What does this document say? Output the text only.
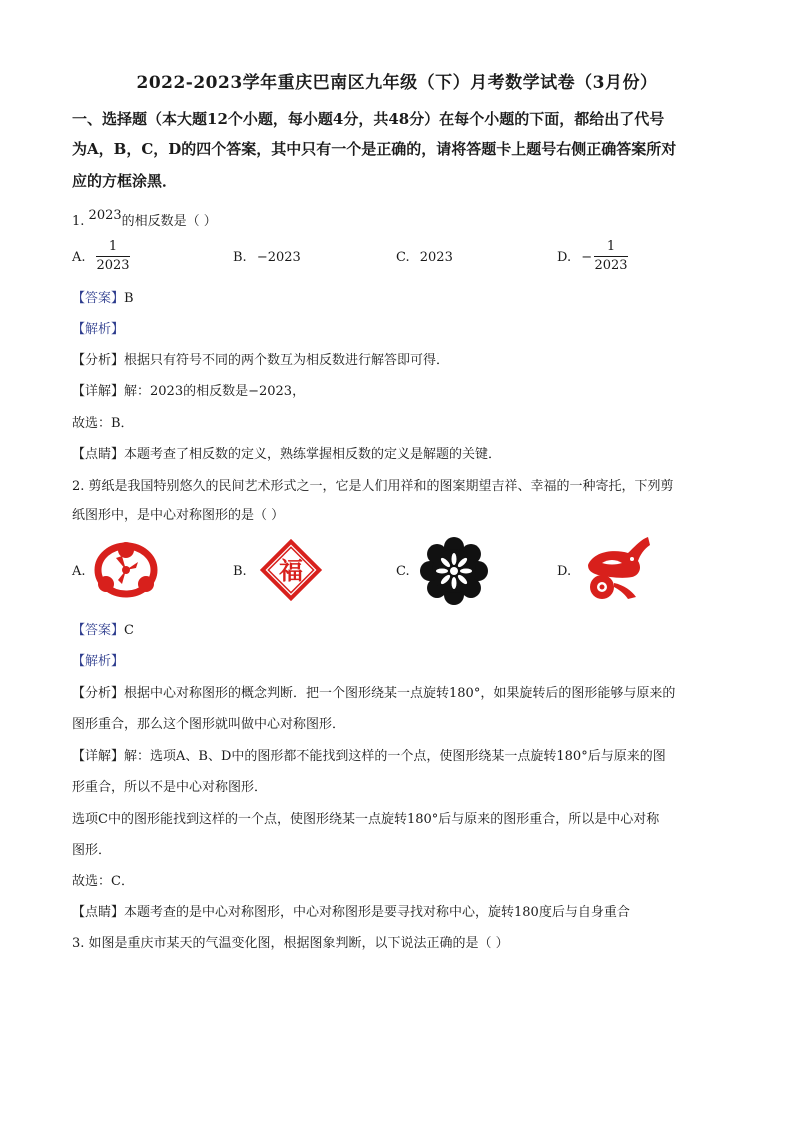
2022-2023学年重庆巴南区九年级（下）月考数学试卷（3月份）
一、选择题（本大题12个小题，每小题4分，共48分）在每个小题的下面，都给出了代号
为A，B，C，D的四个答案，其中只有一个是正确的，请将答题卡上题号右侧正确答案所对
应的方框涂黑．
1. 2023的相反数是（ ）
A.
1
2023
B. −2023	C. 2023	D. −
1
2023
【答案】B
【解析】
【分析】根据只有符号不同的两个数互为相反数进行解答即可得．
【详解】解：2023的相反数是−2023，
故选：B．
【点睛】本题考查了相反数的定义，熟练掌握相反数的定义是解题的关键．
2. 剪纸是我国特别悠久的民间艺术形式之一，它是人们用祥和的图案期望吉祥、幸福的一种寄托，下列剪
纸图形中，是中心对称图形的是（ ）
A.	B. 福	C.	D.
【答案】C
【解析】
【分析】根据中心对称图形的概念判断．把一个图形绕某一点旋转180°，如果旋转后的图形能够与原来的
图形重合，那么这个图形就叫做中心对称图形．
【详解】解：选项A、B、D中的图形都不能找到这样的一个点，使图形绕某一点旋转180°后与原来的图
形重合，所以不是中心对称图形．
选项C中的图形能找到这样的一个点，使图形绕某一点旋转180°后与原来的图形重合，所以是中心对称
图形．
故选：C．
【点睛】本题考查的是中心对称图形，中心对称图形是要寻找对称中心，旋转180度后与自身重合
3. 如图是重庆市某天的气温变化图，根据图象判断，以下说法正确的是（ ）
